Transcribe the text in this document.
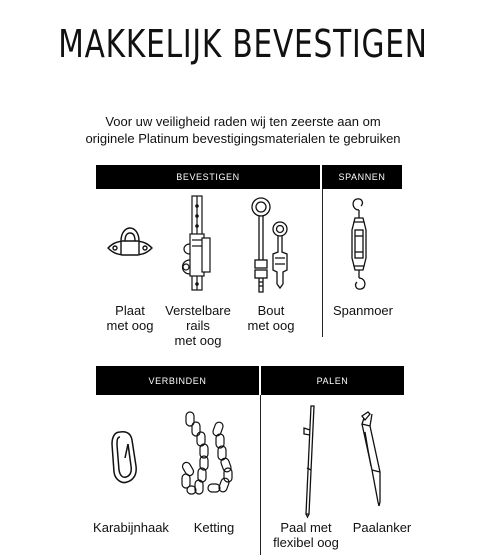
MAKKELIJK BEVESTIGEN
Voor uw veiligheid raden wij ten zeerste aan om
originele Platinum bevestigingsmaterialen te gebruiken
BEVESTIGEN	SPANNEN
VERBINDEN	PALEN
Plaat
met oog
Verstelbare
rails
met oog
Bout
met oog
Spanmoer
Karabijnhaak	Ketting	Paal met
flexibel oog
Paalanker
